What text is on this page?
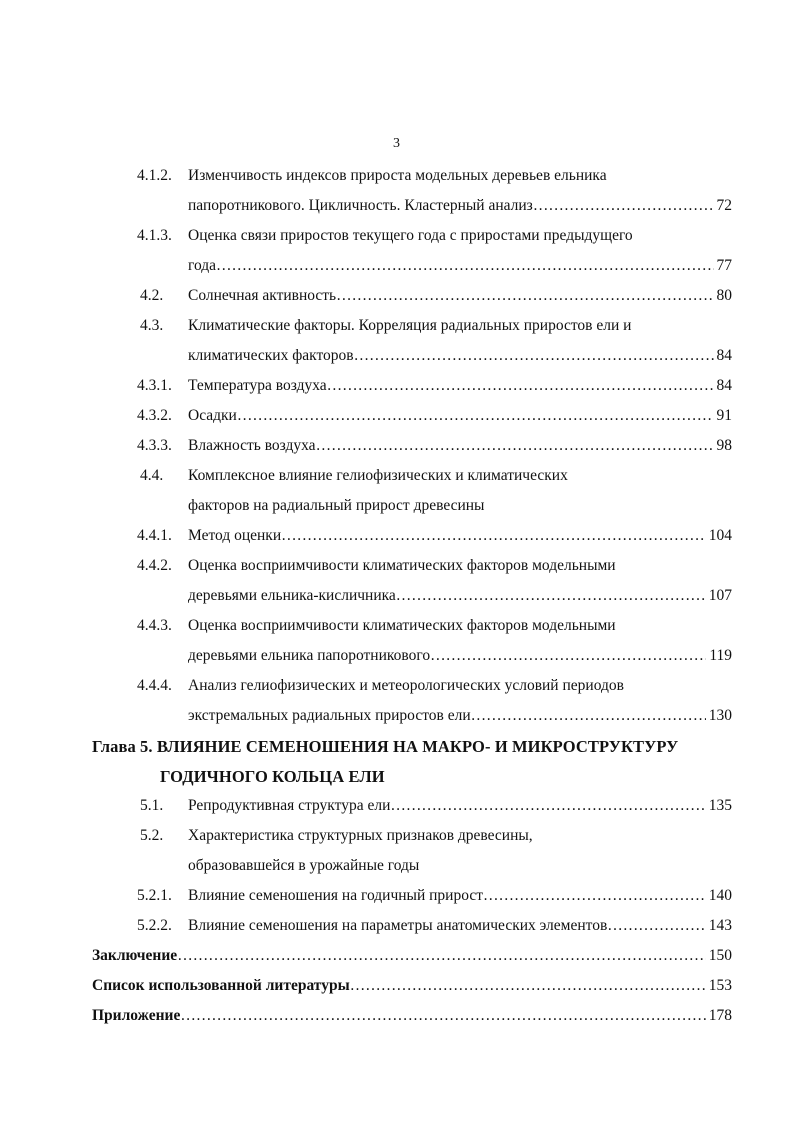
3
4.1.2. Изменчивость индексов прироста модельных деревьев ельника
папоротникового. Цикличность. Кластерный анализ ……………………………………………………………………………………………………………………………………	72
4.1.3. Оценка связи приростов текущего года с приростами предыдущего
года ……………………………………………………………………………………………………………………………………	77
4.2. Солнечная активность ……………………………………………………………………………………………………………………………………	80
4.3. Климатические факторы. Корреляция радиальных приростов ели и
климатических факторов ……………………………………………………………………………………………………………………………………	84
4.3.1. Температура воздуха ……………………………………………………………………………………………………………………………………	84
4.3.2. Осадки ……………………………………………………………………………………………………………………………………	91
4.3.3. Влажность воздуха ……………………………………………………………………………………………………………………………………	98
4.4. Комплексное влияние гелиофизических и климатических
факторов на радиальный прирост древесины
4.4.1. Метод оценки ……………………………………………………………………………………………………………………………………	104
4.4.2. Оценка восприимчивости климатических факторов модельными
деревьями ельника-кисличника ……………………………………………………………………………………………………………………………………	107
4.4.3. Оценка восприимчивости климатических факторов модельными
деревьями ельника папоротникового ……………………………………………………………………………………………………………………………………	119
4.4.4. Анализ гелиофизических и метеорологических условий периодов
экстремальных радиальных приростов ели ……………………………………………………………………………………………………………………………………	130
Глава 5. ВЛИЯНИЕ СЕМЕНОШЕНИЯ НА МАКРО- И МИКРОСТРУКТУРУ
ГОДИЧНОГО КОЛЬЦА ЕЛИ
5.1. Репродуктивная структура ели ……………………………………………………………………………………………………………………………………	135
5.2. Характеристика структурных признаков древесины,
образовавшейся в урожайные годы
5.2.1. Влияние семеношения на годичный прирост ……………………………………………………………………………………………………………………………………	140
5.2.2. Влияние семеношения на параметры анатомических элементов ……………………………………………………………………………………………………………………………………	143
Заключение ……………………………………………………………………………………………………………………………………	150
Список использованной литературы ……………………………………………………………………………………………………………………………………	153
Приложение ……………………………………………………………………………………………………………………………………	178
